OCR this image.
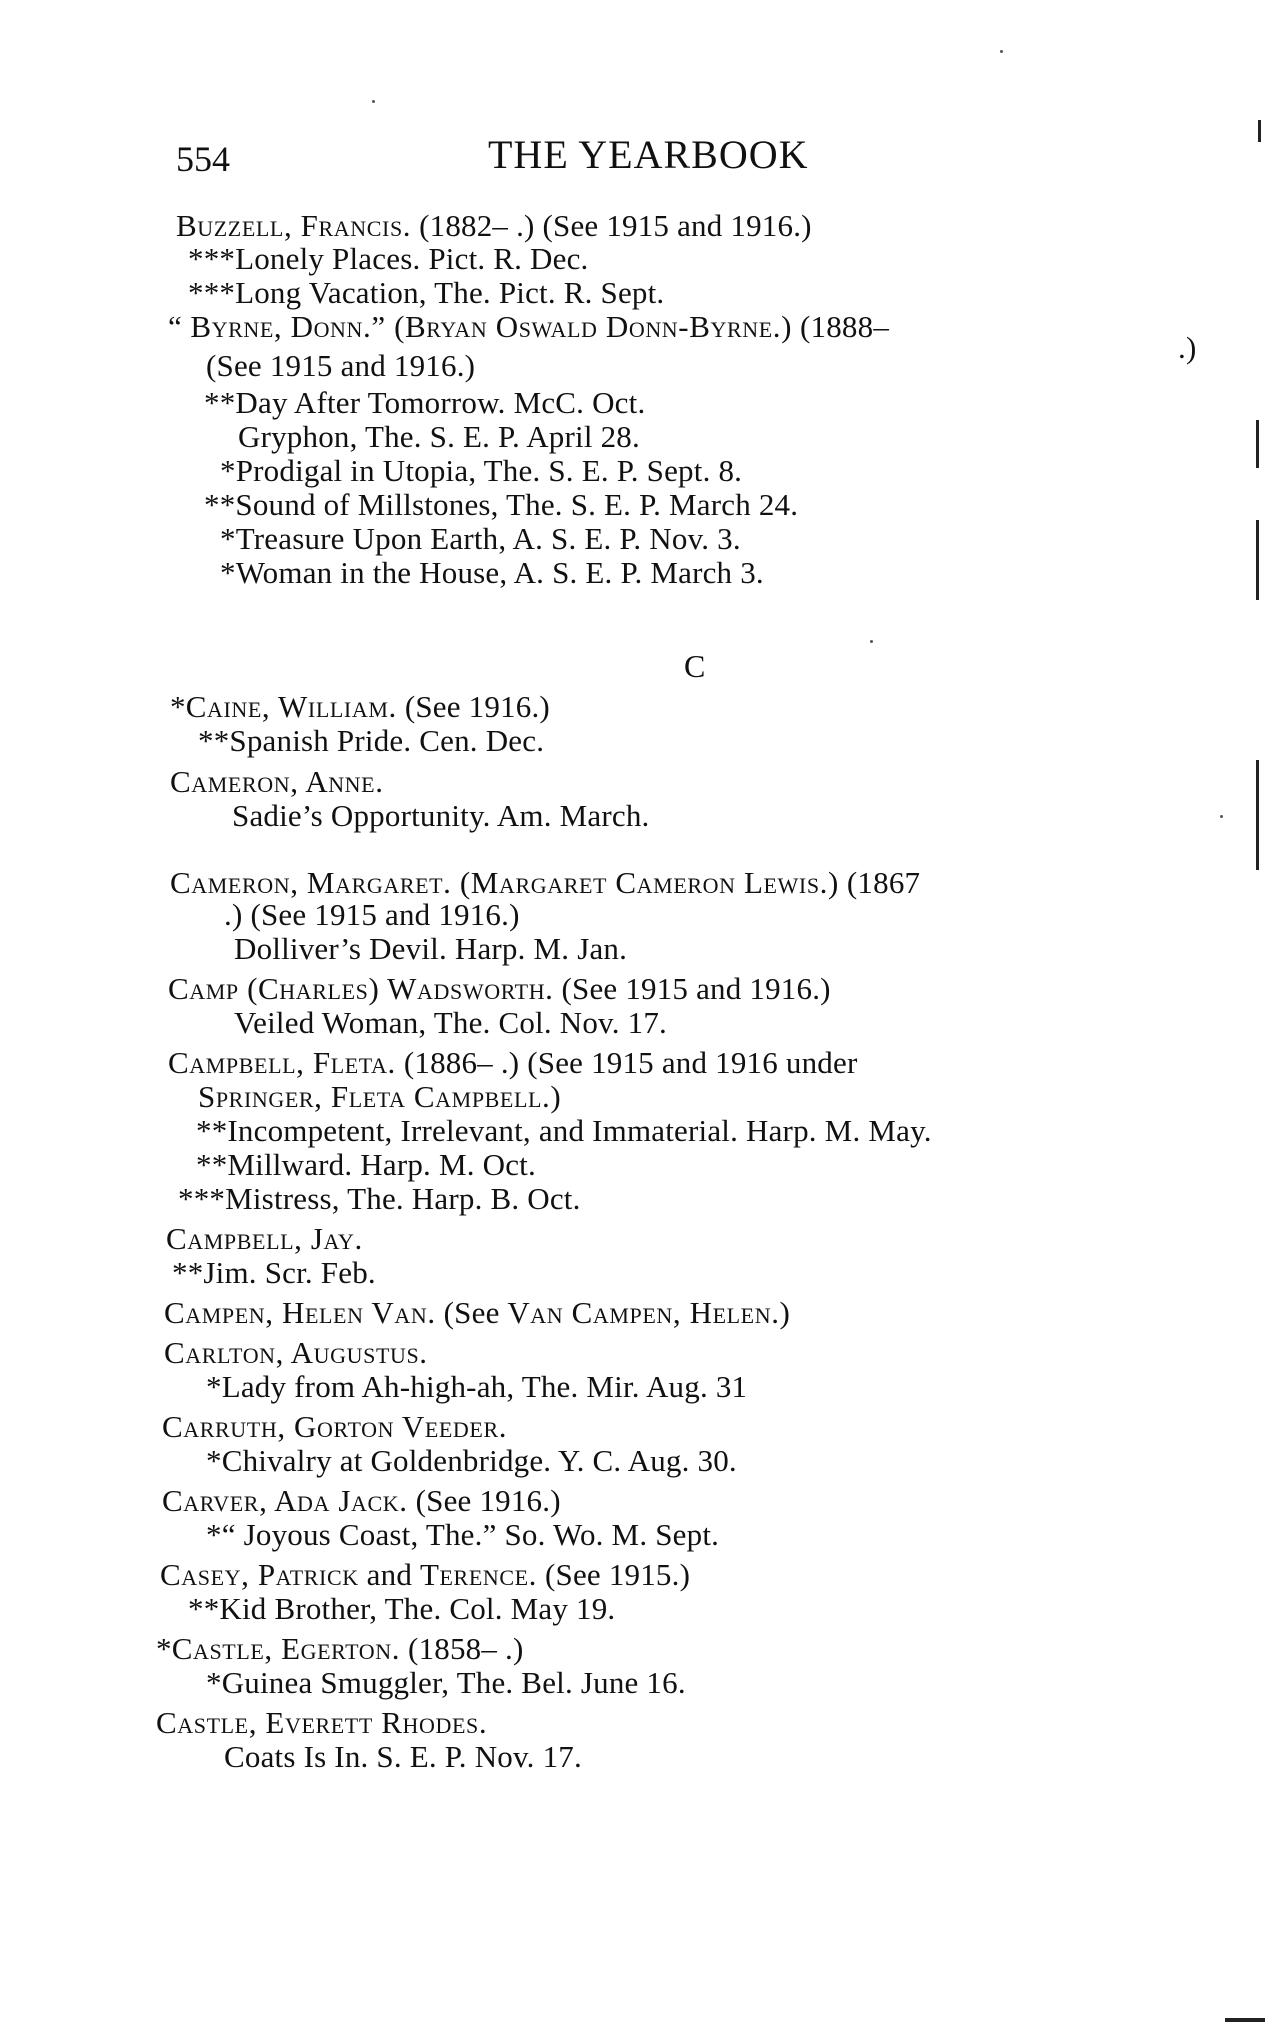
554	THE YEARBOOK
C
Buzzell, Francis. (1882– .) (See 1915 and 1916.)
***Lonely Places. Pict. R. Dec.
***Long Vacation, The. Pict. R. Sept.
“ Byrne, Donn.” (Bryan Oswald Donn-Byrne.) (1888–
.)
(See 1915 and 1916.)
**Day After Tomorrow. McC. Oct.
Gryphon, The. S. E. P. April 28.
*Prodigal in Utopia, The. S. E. P. Sept. 8.
**Sound of Millstones, The. S. E. P. March 24.
*Treasure Upon Earth, A. S. E. P. Nov. 3.
*Woman in the House, A. S. E. P. March 3.
*Caine, William. (See 1916.)
**Spanish Pride. Cen. Dec.
Cameron, Anne.
Sadie’s Opportunity. Am. March.
Cameron, Margaret. (Margaret Cameron Lewis.) (1867
.) (See 1915 and 1916.)
Dolliver’s Devil. Harp. M. Jan.
Camp (Charles) Wadsworth. (See 1915 and 1916.)
Veiled Woman, The. Col. Nov. 17.
Campbell, Fleta. (1886– .) (See 1915 and 1916 under
Springer, Fleta Campbell.)
**Incompetent, Irrelevant, and Immaterial. Harp. M. May.
**Millward. Harp. M. Oct.
***Mistress, The. Harp. B. Oct.
Campbell, Jay.
**Jim. Scr. Feb.
Campen, Helen Van. (See Van Campen, Helen.)
Carlton, Augustus.
*Lady from Ah-high-ah, The. Mir. Aug. 31
Carruth, Gorton Veeder.
*Chivalry at Goldenbridge. Y. C. Aug. 30.
Carver, Ada Jack. (See 1916.)
*“ Joyous Coast, The.” So. Wo. M. Sept.
Casey, Patrick and Terence. (See 1915.)
**Kid Brother, The. Col. May 19.
*Castle, Egerton. (1858– .)
*Guinea Smuggler, The. Bel. June 16.
Castle, Everett Rhodes.
Coats Is In. S. E. P. Nov. 17.
